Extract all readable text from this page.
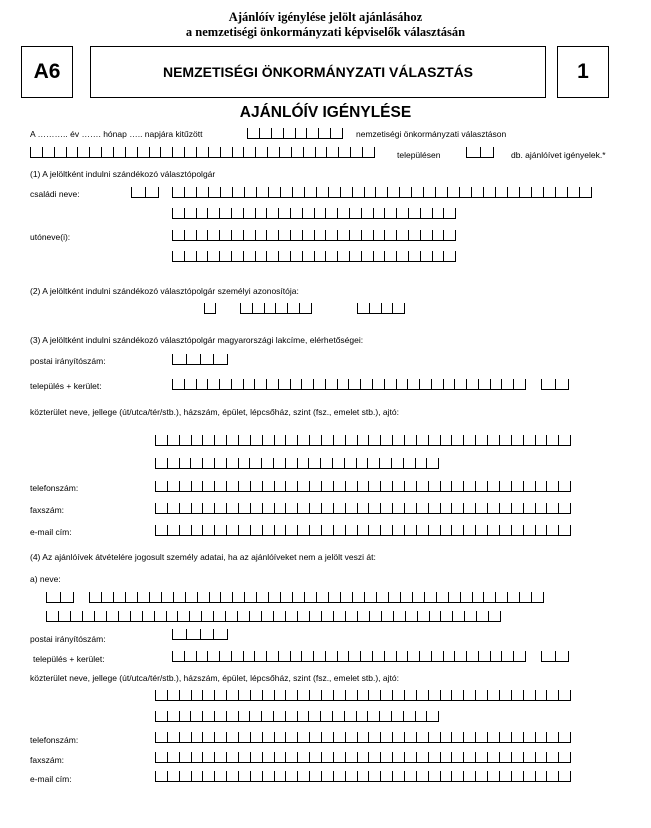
Ajánlóív igénylése jelölt ajánlásához
a nemzetiségi önkormányzati képviselők választásán
A6	NEMZETISÉGI ÖNKORMÁNYZATI VÁLASZTÁS	1
AJÁNLÓÍV IGÉNYLÉSE
A ……….. év ……. hónap ….. napjára kitűzött	nemzetiségi önkormányzati választáson
településen	db. ajánlóívet igényelek.*
(1) A jelöltként indulni szándékozó választópolgár
családi neve:
utóneve(i):
(2) A jelöltként indulni szándékozó választópolgár személyi azonosítója:
(3) A jelöltként indulni szándékozó választópolgár magyarországi lakcíme, elérhetőségei:
postai irányítószám:
település + kerület:
közterület neve, jellege (út/utca/tér/stb.), házszám, épület, lépcsőház, szint (fsz., emelet stb.), ajtó:
telefonszám:
faxszám:
e-mail cím:
(4) Az ajánlóívek átvételére jogosult személy adatai, ha az ajánlóíveket nem a jelölt veszi át:
a) neve:
postai irányítószám:
település + kerület:
közterület neve, jellege (út/utca/tér/stb.), házszám, épület, lépcsőház, szint (fsz., emelet stb.), ajtó:
telefonszám:
faxszám:
e-mail cím:
